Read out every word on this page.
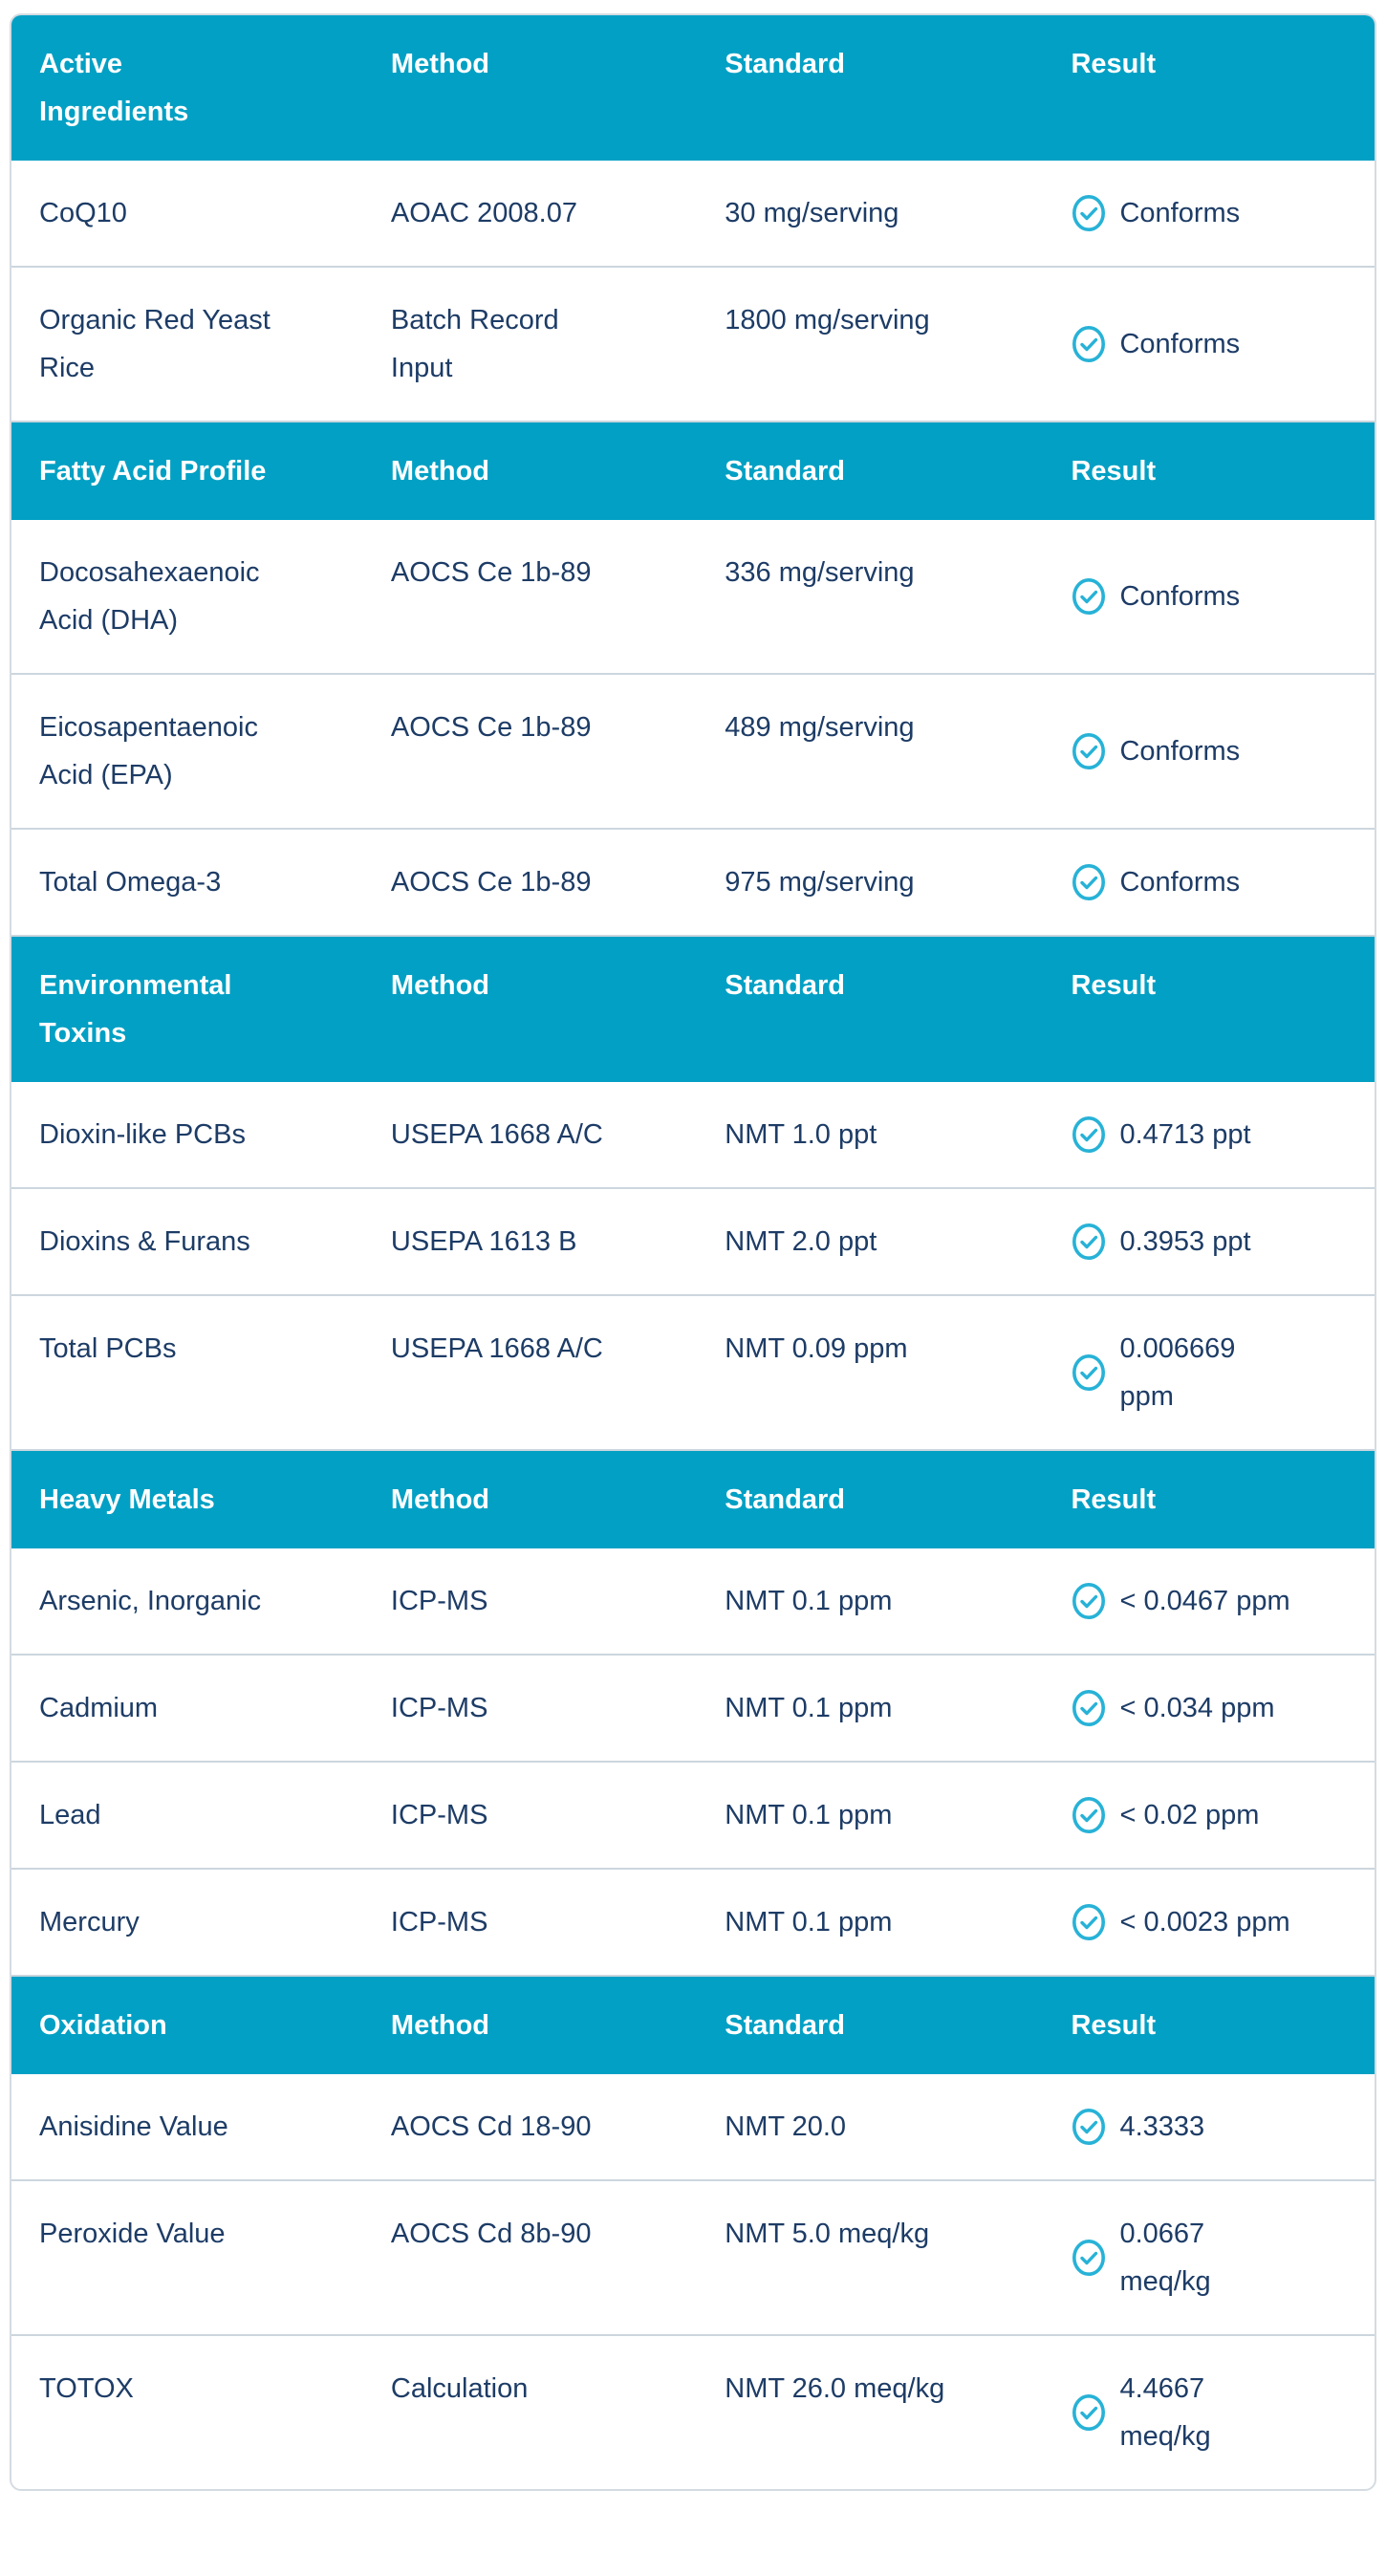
Active Ingredients	Method	Standard	Result
CoQ10	AOAC 2008.07	30 mg/serving	Conforms

Organic Red Yeast Rice	Batch Record Input	1800 mg/serving	Conforms

Fatty Acid Profile	Method	Standard	Result
Docosahexaenoic Acid (DHA)	AOCS Ce 1b-89	336 mg/serving	Conforms

Eicosapentaenoic Acid (EPA)	AOCS Ce 1b-89	489 mg/serving	Conforms

Total Omega-3	AOCS Ce 1b-89	975 mg/serving	Conforms

Environmental Toxins	Method	Standard	Result
Dioxin-like PCBs	USEPA 1668 A/C	NMT 1.0 ppt	0.4713 ppt

Dioxins & Furans	USEPA 1613 B	NMT 2.0 ppt	0.3953 ppt

Total PCBs	USEPA 1668 A/C	NMT 0.09 ppm	0.006669 ppm

Heavy Metals	Method	Standard	Result
Arsenic, Inorganic	ICP-MS	NMT 0.1 ppm	< 0.0467 ppm

Cadmium	ICP-MS	NMT 0.1 ppm	< 0.034 ppm

Lead	ICP-MS	NMT 0.1 ppm	< 0.02 ppm

Mercury	ICP-MS	NMT 0.1 ppm	< 0.0023 ppm

Oxidation	Method	Standard	Result
Anisidine Value	AOCS Cd 18-90	NMT 20.0	4.3333

Peroxide Value	AOCS Cd 8b-90	NMT 5.0 meq/kg	0.0667 meq/kg

TOTOX	Calculation	NMT 26.0 meq/kg	4.4667 meq/kg
